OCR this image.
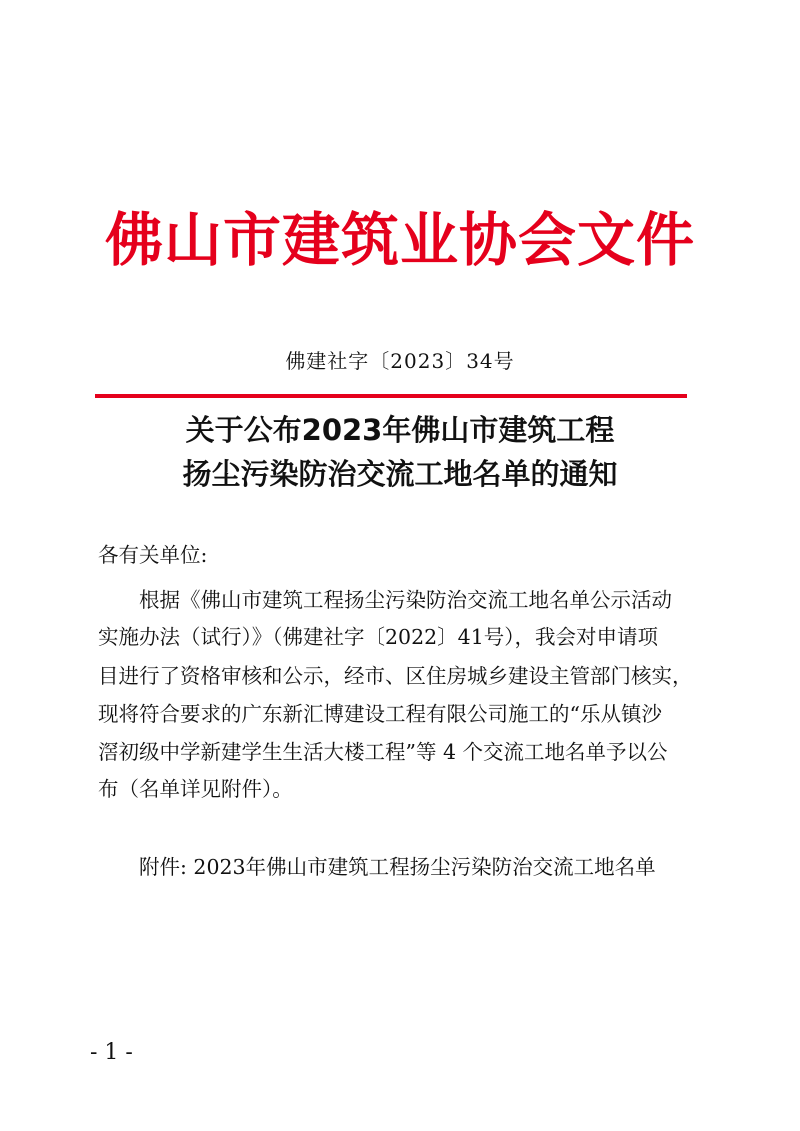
佛山市建筑业协会文件
佛建社字〔2023〕34号
关于公布2023年佛山市建筑工程
扬尘污染防治交流工地名单的通知
各有关单位:
根据《佛山市建筑工程扬尘污染防治交流工地名单公示活动
实施办法（试行）》（佛建社字〔2022〕41号），我会对申请项
目进行了资格审核和公示，经市、区住房城乡建设主管部门核实，
现将符合要求的广东新汇博建设工程有限公司施工的“乐从镇沙
滘初级中学新建学生生活大楼工程”等 4 个交流工地名单予以公
布（名单详见附件）。
附件: 2023年佛山市建筑工程扬尘污染防治交流工地名单
- 1 -
